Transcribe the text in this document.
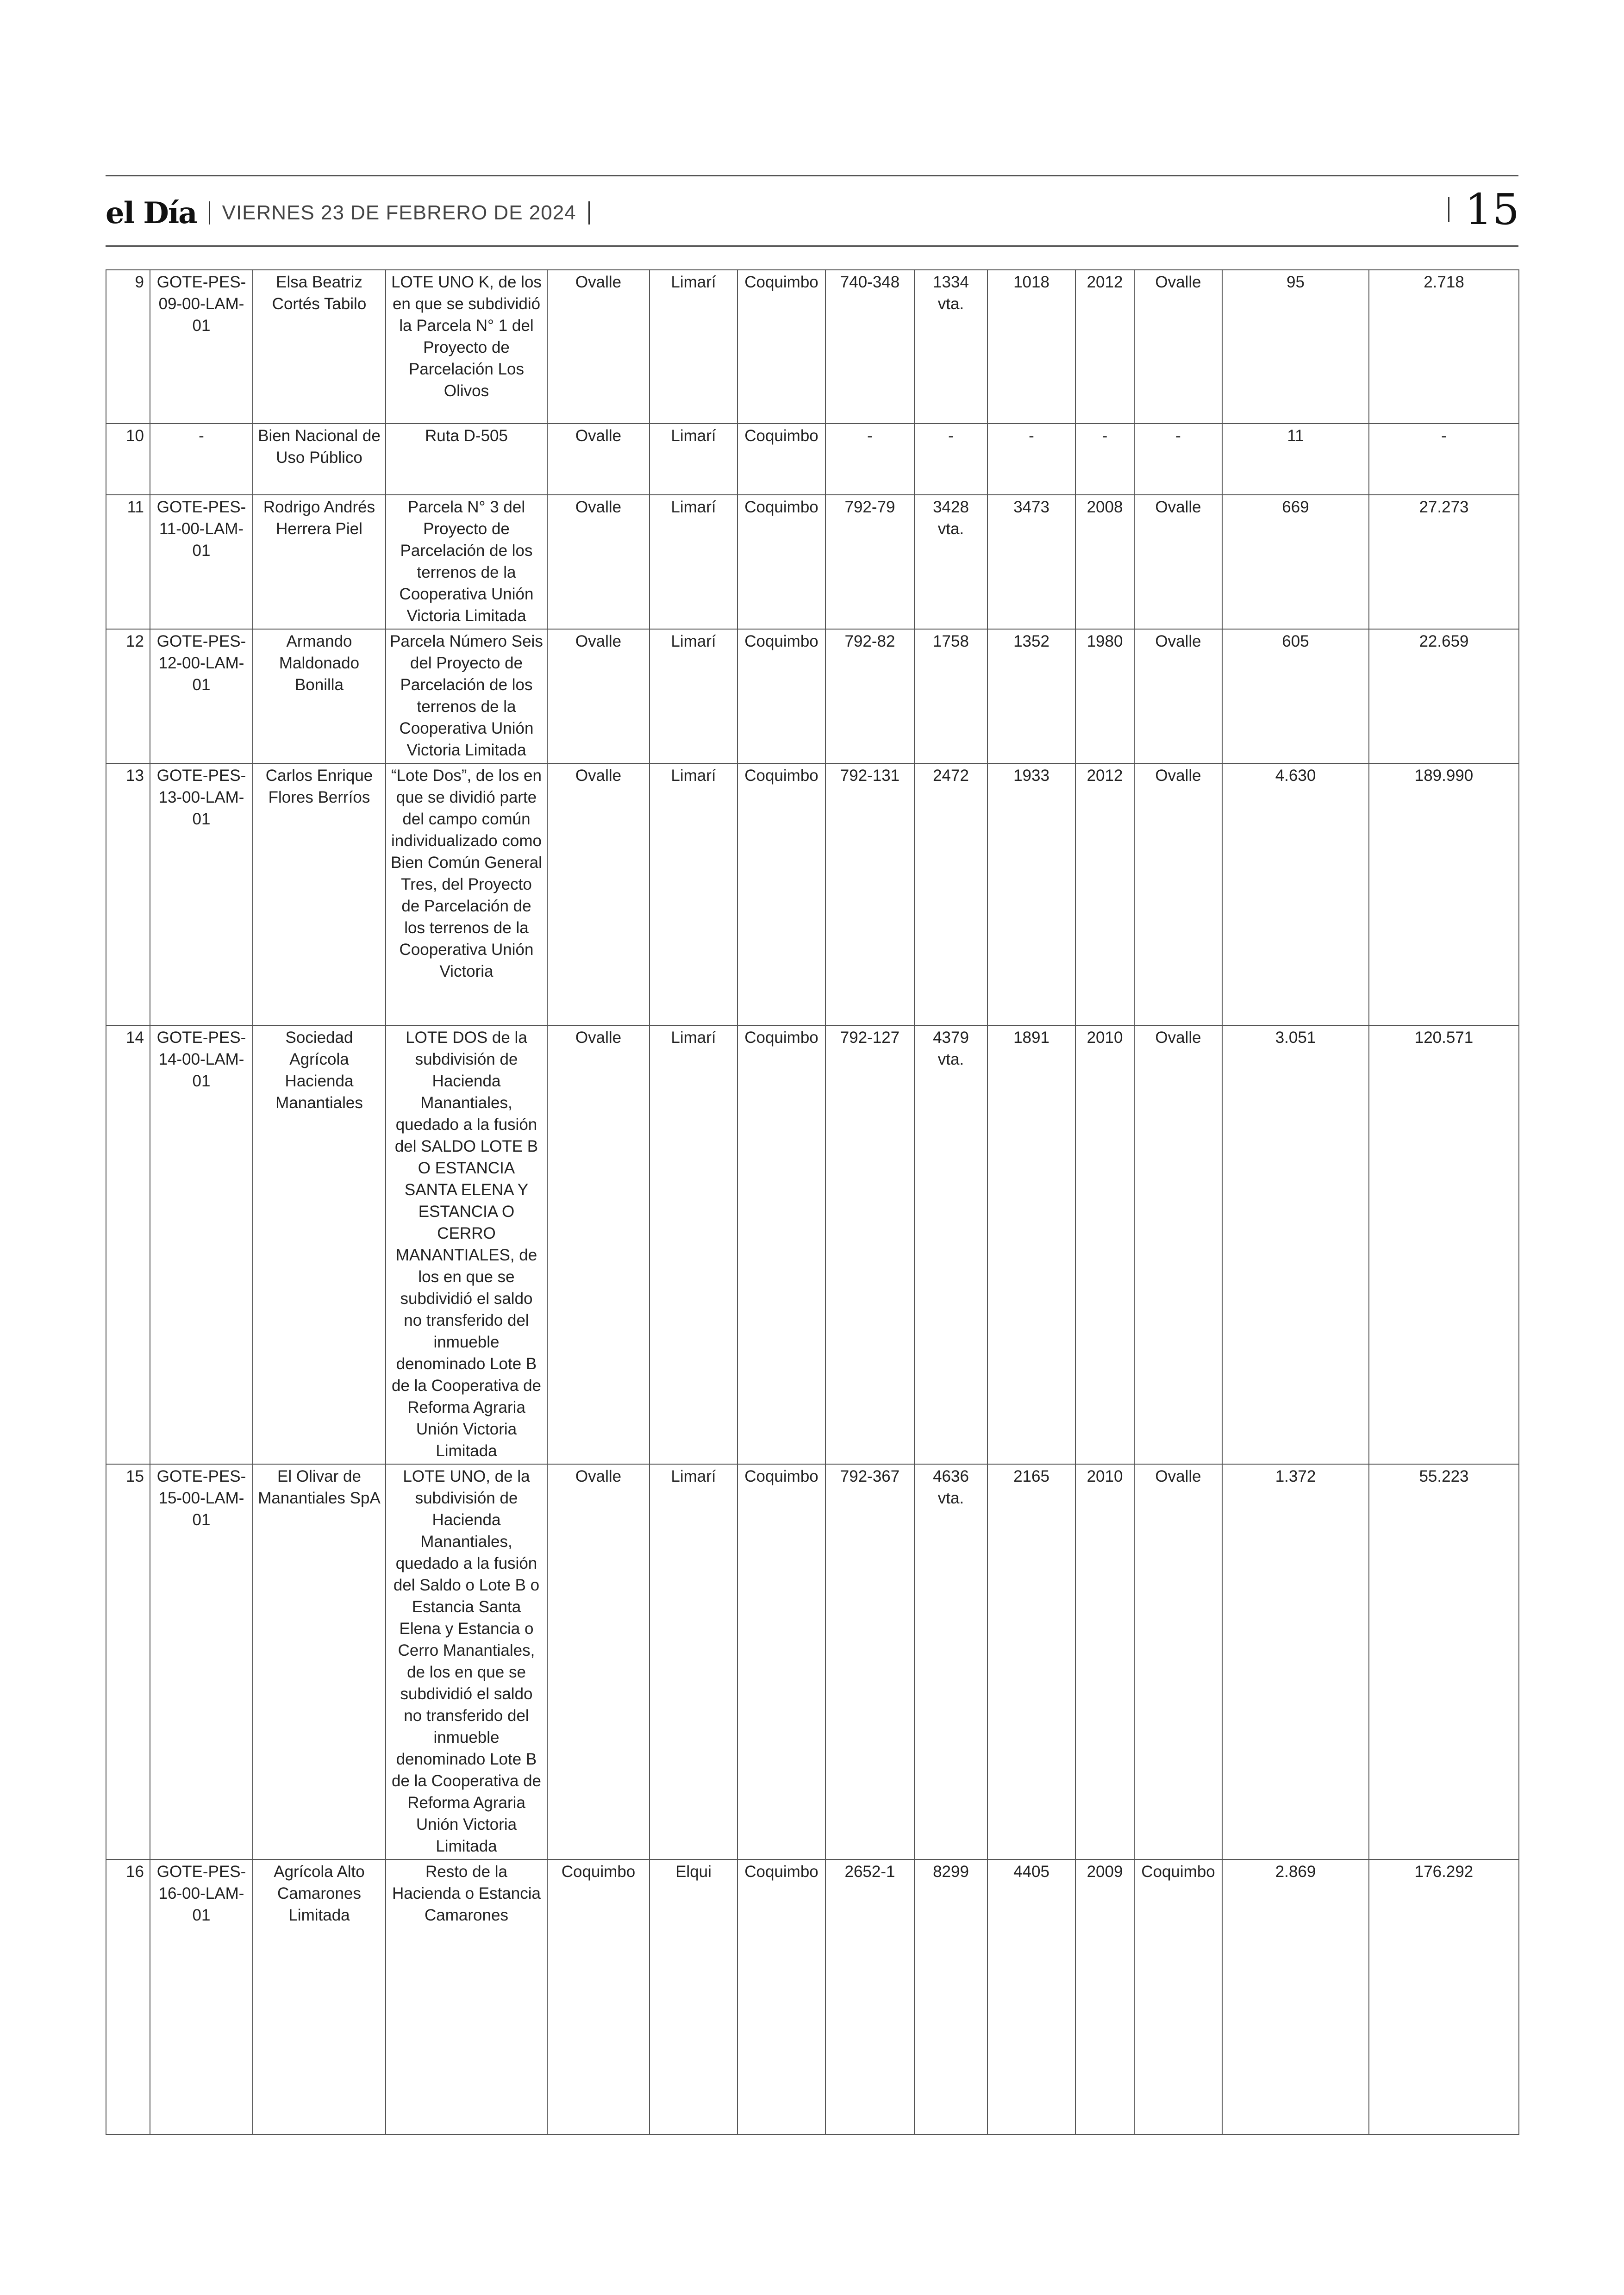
el Día VIERNES 23 DE FEBRERO DE 2024	15
9	GOTE-PES-09-00-LAM-01	Elsa Beatriz Cortés Tabilo	LOTE UNO K, de los en que se subdividió la Parcela N° 1 del Proyecto de Parcelación Los Olivos	Ovalle	Limarí	Coquimbo	740-348	1334 vta.	1018	2012	Ovalle	95	2.718
10	-	Bien Nacional de Uso Público	Ruta D-505	Ovalle	Limarí	Coquimbo	-	-	-	-	-	11	-
11	GOTE-PES-11-00-LAM-01	Rodrigo Andrés Herrera Piel	Parcela N° 3 del Proyecto de Parcelación de los terrenos de la Cooperativa Unión Victoria Limitada	Ovalle	Limarí	Coquimbo	792-79	3428 vta.	3473	2008	Ovalle	669	27.273
12	GOTE-PES-12-00-LAM-01	Armando Maldonado Bonilla	Parcela Número Seis del Proyecto de Parcelación de los terrenos de la Cooperativa Unión Victoria Limitada	Ovalle	Limarí	Coquimbo	792-82	1758	1352	1980	Ovalle	605	22.659
13	GOTE-PES-13-00-LAM-01	Carlos Enrique Flores Berríos	“Lote Dos”, de los en que se dividió parte del campo común individualizado como Bien Común General Tres, del Proyecto de Parcelación de los terrenos de la Cooperativa Unión Victoria	Ovalle	Limarí	Coquimbo	792-131	2472	1933	2012	Ovalle	4.630	189.990
14	GOTE-PES-14-00-LAM-01	Sociedad Agrícola Hacienda Manantiales	LOTE DOS de la subdivisión de Hacienda Manantiales, quedado a la fusión del SALDO LOTE B O ESTANCIA SANTA ELENA Y ESTANCIA O CERRO MANANTIALES, de los en que se subdividió el saldo no transferido del inmueble denominado Lote B de la Cooperativa de Reforma Agraria Unión Victoria Limitada	Ovalle	Limarí	Coquimbo	792-127	4379 vta.	1891	2010	Ovalle	3.051	120.571
15	GOTE-PES-15-00-LAM-01	El Olivar de Manantiales SpA	LOTE UNO, de la subdivisión de Hacienda Manantiales, quedado a la fusión del Saldo o Lote B o Estancia Santa Elena y Estancia o Cerro Manantiales, de los en que se subdividió el saldo no transferido del inmueble denominado Lote B de la Cooperativa de Reforma Agraria Unión Victoria Limitada	Ovalle	Limarí	Coquimbo	792-367	4636 vta.	2165	2010	Ovalle	1.372	55.223
16	GOTE-PES-16-00-LAM-01	Agrícola Alto Camarones Limitada	Resto de la Hacienda o Estancia Camarones	Coquimbo	Elqui	Coquimbo	2652-1	8299	4405	2009	Coquimbo	2.869	176.292
